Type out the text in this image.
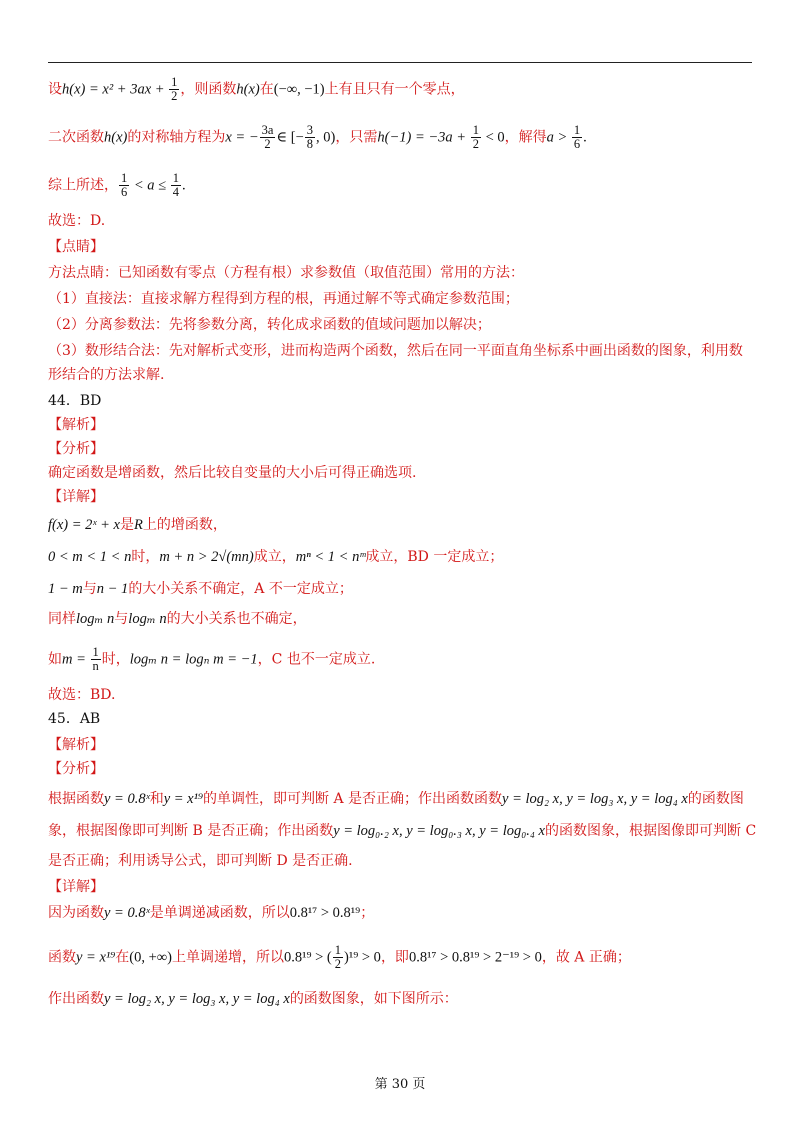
设$h(x) = x^2 + 3ax + \frac{1}{2}$ ，则函数h(x)在(−∞, −1)上有且只有一个零点，
二次函数h(x)的对称轴方程为x = − $\frac{3a}{2}$ ∈ [− $\frac{3}{8}$ , 0)，只需$h(-1) = -3a + \frac{1}{2} < 0$，解得$a > \frac{1}{6}$ .
综上所述， $\frac{1}{6} < a \le \frac{1}{4}$ .
故选：D.
【点睛】
方法点睛：已知函数有零点（方程有根）求参数值（取值范围）常用的方法：
（1）直接法：直接求解方程得到方程的根，再通过解不等式确定参数范围；
（2）分离参数法：先将参数分离，转化成求函数的值域问题加以解决；
（3）数形结合法：先对解析式变形，进而构造两个函数，然后在同一平面直角坐标系中画出函数的图象，利用数
形结合的方法求解.
44．BD
【解析】
【分析】
确定函数是增函数，然后比较自变量的大小后可得正确选项.
【详解】
f(x) = 2ˣ + x是R上的增函数，
0 < m < 1 < n时，m + n > 2√(mn)成立，mⁿ < 1 < nᵐ成立，BD 一定成立；
1 − m与n − 1的大小关系不确定，A 不一定成立；
同样logₘ n与logₘ n的大小关系也不确定，
如$m = \frac{1}{n}$ 时，logₘ n = logₙ m = −1，C 也不一定成立.
故选：BD.
45．AB
【解析】
【分析】
根据函数y = 0.8ˣ和y = x¹⁹的单调性，即可判断 A 是否正确；作出函数函数y = log₂ x, y = log₃ x, y = log₄ x的函数图
象，根据图像即可判断 B 是否正确；作出函数y = log₀.₂ x, y = log₀.₃ x, y = log₀.₄ x的函数图象，根据图像即可判断 C
是否正确；利用诱导公式，即可判断 D 是否正确.
【详解】
因为函数y = 0.8ˣ是单调递减函数，所以0.8¹⁷ > 0.8¹⁹；
函数y = x¹⁹在(0, +∞)上单调递增，所以0.8¹⁹ > ( $\frac{1}{2} )^{19} > 0$，即0.8¹⁷ > 0.8¹⁹ > 2⁻¹⁹ > 0，故 A 正确；
作出函数y = log₂ x, y = log₃ x, y = log₄ x的函数图象，如下图所示：
第 30 页
